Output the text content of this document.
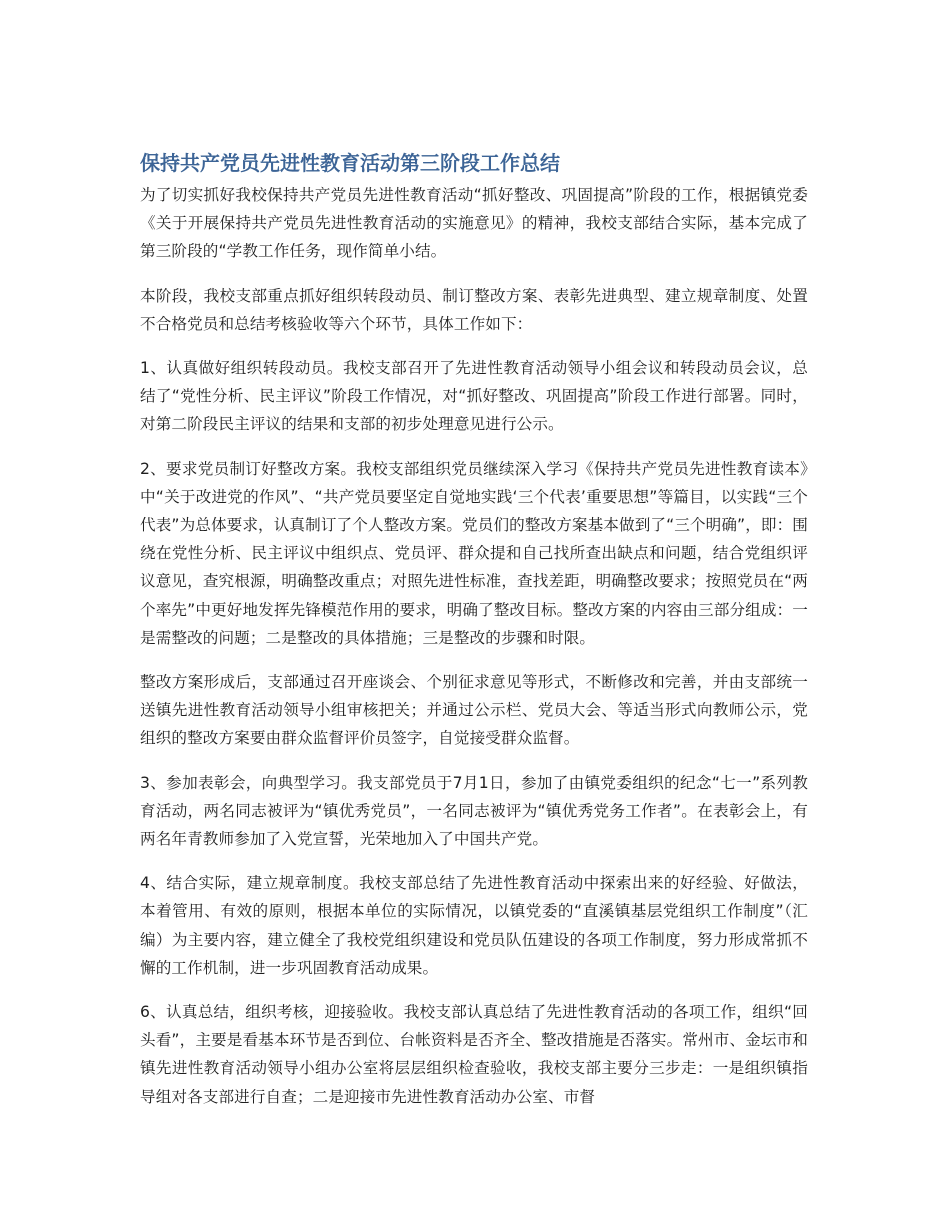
保持共产党员先进性教育活动第三阶段工作总结

为了切实抓好我校保持共产党员先进性教育活动“抓好整改、巩固提高”阶段的工作，根据镇党委《关于开展保持共产党员先进性教育活动的实施意见》的精神，我校支部结合实际，基本完成了第三阶段的“学教工作任务，现作简单小结。

本阶段，我校支部重点抓好组织转段动员、制订整改方案、表彰先进典型、建立规章制度、处置不合格党员和总结考核验收等六个环节，具体工作如下：

1、认真做好组织转段动员。我校支部召开了先进性教育活动领导小组会议和转段动员会议，总结了“党性分析、民主评议”阶段工作情况，对“抓好整改、巩固提高”阶段工作进行部署。同时，对第二阶段民主评议的结果和支部的初步处理意见进行公示。

2、要求党员制订好整改方案。我校支部组织党员继续深入学习《保持共产党员先进性教育读本》中“关于改进党的作风”、“共产党员要坚定自觉地实践‘三个代表’重要思想”等篇目，以实践“三个代表”为总体要求，认真制订了个人整改方案。党员们的整改方案基本做到了“三个明确”，即：围绕在党性分析、民主评议中组织点、党员评、群众提和自己找所查出缺点和问题，结合党组织评议意见，查究根源，明确整改重点；对照先进性标准，查找差距，明确整改要求；按照党员在“两个率先”中更好地发挥先锋模范作用的要求，明确了整改目标。整改方案的内容由三部分组成：一是需整改的问题；二是整改的具体措施；三是整改的步骤和时限。

整改方案形成后，支部通过召开座谈会、个别征求意见等形式，不断修改和完善，并由支部统一送镇先进性教育活动领导小组审核把关；并通过公示栏、党员大会、等适当形式向教师公示，党组织的整改方案要由群众监督评价员签字，自觉接受群众监督。

3、参加表彰会，向典型学习。我支部党员于7月1日，参加了由镇党委组织的纪念“七一”系列教育活动，两名同志被评为“镇优秀党员”，一名同志被评为“镇优秀党务工作者”。在表彰会上，有两名年青教师参加了入党宣誓，光荣地加入了中国共产党。

4、结合实际，建立规章制度。我校支部总结了先进性教育活动中探索出来的好经验、好做法，本着管用、有效的原则，根据本单位的实际情况，以镇党委的“直溪镇基层党组织工作制度”（汇编）为主要内容，建立健全了我校党组织建设和党员队伍建设的各项工作制度，努力形成常抓不懈的工作机制，进一步巩固教育活动成果。

6、认真总结，组织考核，迎接验收。我校支部认真总结了先进性教育活动的各项工作，组织“回头看”，主要是看基本环节是否到位、台帐资料是否齐全、整改措施是否落实。常州市、金坛市和镇先进性教育活动领导小组办公室将层层组织检查验收，我校支部主要分三步走：一是组织镇指导组对各支部进行自查；二是迎接市先进性教育活动办公室、市督
